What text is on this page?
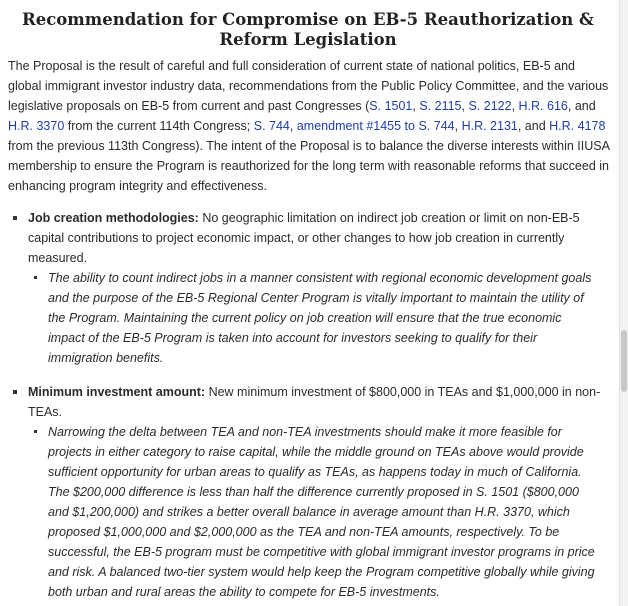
Recommendation for Compromise on EB-5 Reauthorization & Reform Legislation

The Proposal is the result of careful and full consideration of current state of national politics, EB-5 and global immigrant investor industry data, recommendations from the Public Policy Committee, and the various legislative proposals on EB-5 from current and past Congresses (S. 1501, S. 2115, S. 2122, H.R. 616, and H.R. 3370 from the current 114th Congress; S. 744, amendment #1455 to S. 744, H.R. 2131, and H.R. 4178 from the previous 113th Congress). The intent of the Proposal is to balance the diverse interests within IIUSA membership to ensure the Program is reauthorized for the long term with reasonable reforms that succeed in enhancing program integrity and effectiveness.

Job creation methodologies: No geographic limitation on indirect job creation or limit on non-EB-5 capital contributions to project economic impact, or other changes to how job creation in currently measured.
The ability to count indirect jobs in a manner consistent with regional economic development goals and the purpose of the EB-5 Regional Center Program is vitally important to maintain the utility of the Program. Maintaining the current policy on job creation will ensure that the true economic impact of the EB-5 Program is taken into account for investors seeking to qualify for their immigration benefits.
Minimum investment amount: New minimum investment of $800,000 in TEAs and $1,000,000 in non-TEAs.
Narrowing the delta between TEA and non-TEA investments should make it more feasible for projects in either category to raise capital, while the middle ground on TEAs above would provide sufficient opportunity for urban areas to qualify as TEAs, as happens today in much of California. The $200,000 difference is less than half the difference currently proposed in S. 1501 ($800,000 and $1,200,000) and strikes a better overall balance in average amount than H.R. 3370, which proposed $1,000,000 and $2,000,000 as the TEA and non-TEA amounts, respectively. To be successful, the EB-5 program must be competitive with global immigrant investor programs in price and risk. A balanced two-tier system would help keep the Program competitive globally while giving both urban and rural areas the ability to compete for EB-5 investments.
